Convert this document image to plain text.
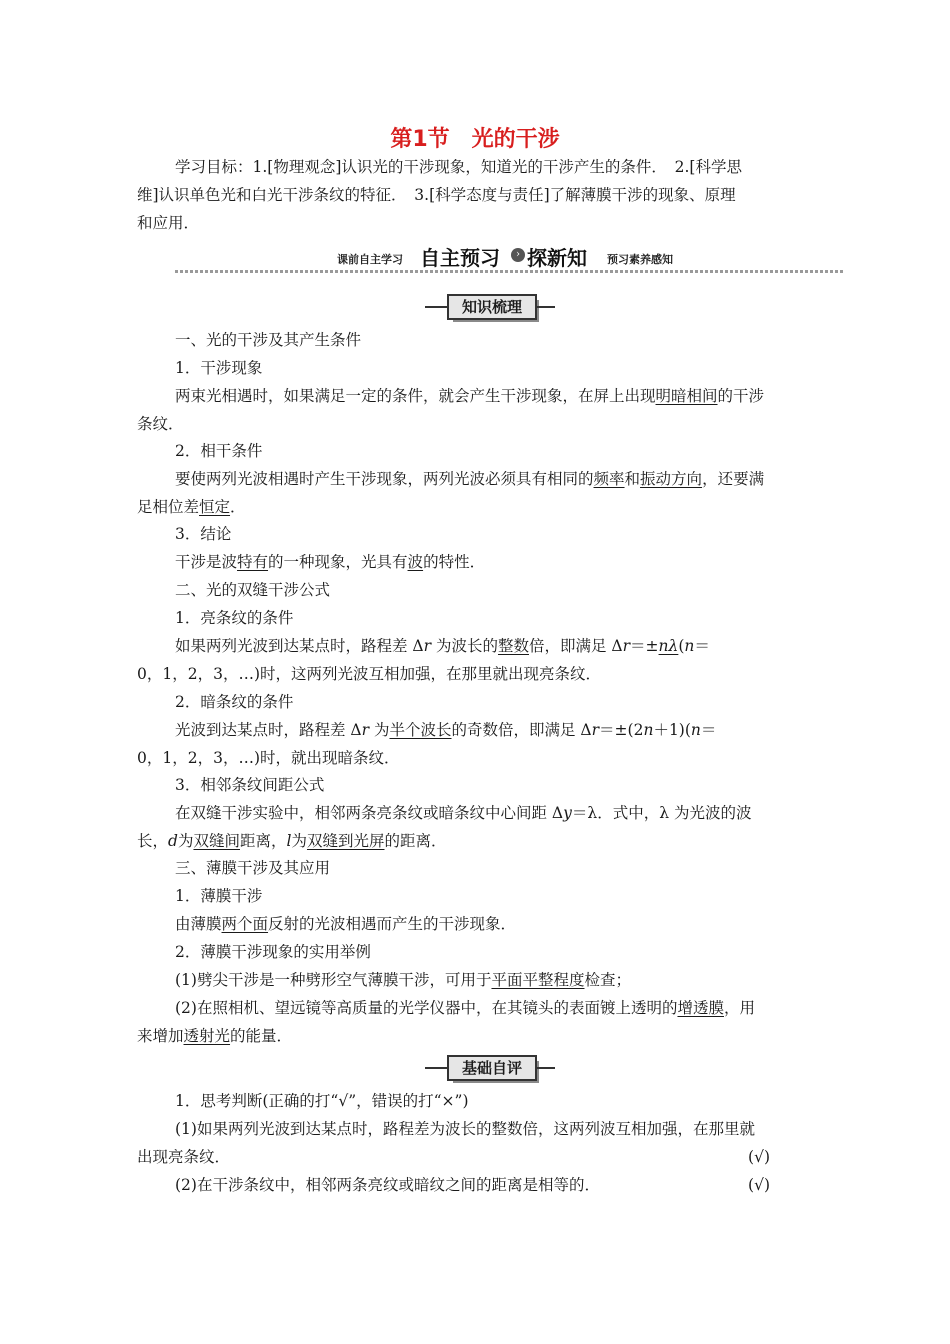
第1节　光的干涉
学习目标：1.[物理观念]认识光的干涉现象，知道光的干涉产生的条件．　2.[科学思
维]认识单色光和白光干涉条纹的特征．　3.[科学态度与责任]了解薄膜干涉的现象、原理
和应用．
课前自主学习 自主预习	› 探新知 预习素养感知
知识梳理
一、光的干涉及其产生条件
1．干涉现象
两束光相遇时，如果满足一定的条件，就会产生干涉现象，在屏上出现明暗相间的干涉
条纹．
2．相干条件
要使两列光波相遇时产生干涉现象，两列光波必须具有相同的频率和振动方向，还要满
足相位差恒定．
3．结论
干涉是波特有的一种现象，光具有波的特性．
二、光的双缝干涉公式
1．亮条纹的条件
如果两列光波到达某点时，路程差 Δr 为波长的整数倍，即满足 Δr＝±nλ(n＝
0，1，2，3，…)时，这两列光波互相加强，在那里就出现亮条纹．
2．暗条纹的条件
光波到达某点时，路程差 Δr 为半个波长的奇数倍，即满足 Δr＝±(2n＋1)(n＝
0，1，2，3，…)时，就出现暗条纹．
3．相邻条纹间距公式
在双缝干涉实验中，相邻两条亮条纹或暗条纹中心间距 Δy＝λ．式中，λ 为光波的波
长，d为双缝间距离，l为双缝到光屏的距离．
三、薄膜干涉及其应用
1．薄膜干涉
由薄膜两个面反射的光波相遇而产生的干涉现象．
2．薄膜干涉现象的实用举例
(1)劈尖干涉是一种劈形空气薄膜干涉，可用于平面平整程度检查；
(2)在照相机、望远镜等高质量的光学仪器中，在其镜头的表面镀上透明的增透膜，用
来增加透射光的能量．
基础自评
1．思考判断(正确的打“√”，错误的打“×”)
(1)如果两列光波到达某点时，路程差为波长的整数倍，这两列波互相加强，在那里就
出现亮条纹．	(√)
(2)在干涉条纹中，相邻两条亮纹或暗纹之间的距离是相等的．	(√)
